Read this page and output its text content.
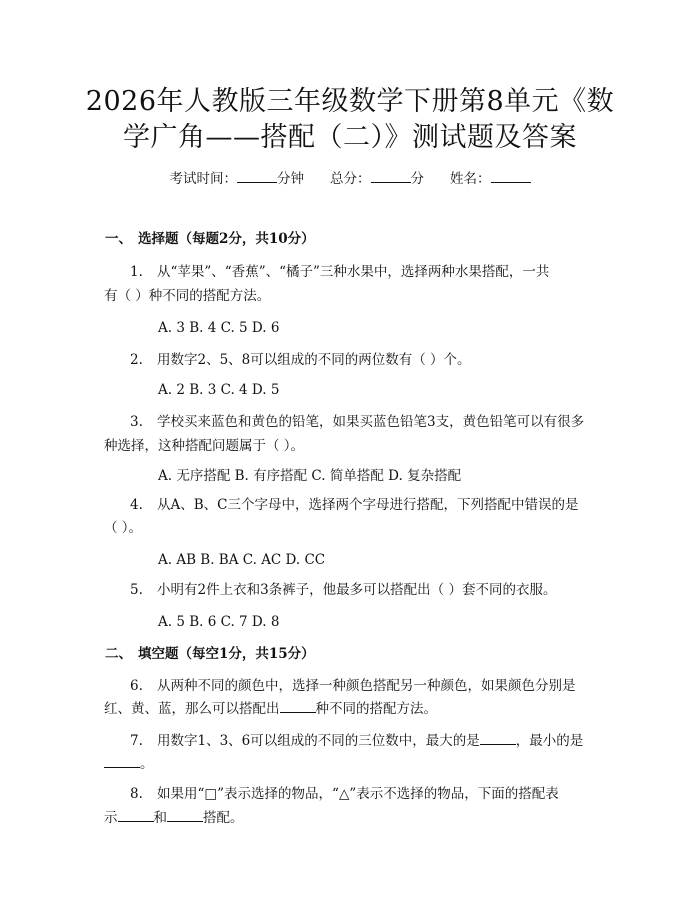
2026年人教版三年级数学下册第8单元《数
学广角——搭配（二）》测试题及答案
考试时间：	分钟 总分：	分 姓名：
一、 选择题（每题2分，共10分）
1. 从“苹果”、“香蕉”、“橘子”三种水果中，选择两种水果搭配，一共
有（ ）种不同的搭配方法。
A. 3 B. 4 C. 5 D. 6
2. 用数字2、5、8可以组成的不同的两位数有（ ）个。
A. 2 B. 3 C. 4 D. 5
3. 学校买来蓝色和黄色的铅笔，如果买蓝色铅笔3支，黄色铅笔可以有很多
种选择，这种搭配问题属于（ ）。
A. 无序搭配 B. 有序搭配 C. 简单搭配 D. 复杂搭配
4. 从A、B、C三个字母中，选择两个字母进行搭配，下列搭配中错误的是
（ ）。
A. AB B. BA C. AC D. CC
5. 小明有2件上衣和3条裤子，他最多可以搭配出（ ）套不同的衣服。
A. 5 B. 6 C. 7 D. 8
二、 填空题（每空1分，共15分）
6. 从两种不同的颜色中，选择一种颜色搭配另一种颜色，如果颜色分别是
红、黄、蓝，那么可以搭配出	种不同的搭配方法。
7. 用数字1、3、6可以组成的不同的三位数中，最大的是	，最小的是
。
8. 如果用“□”表示选择的物品，“△”表示不选择的物品，下面的搭配表
示	和	搭配。
